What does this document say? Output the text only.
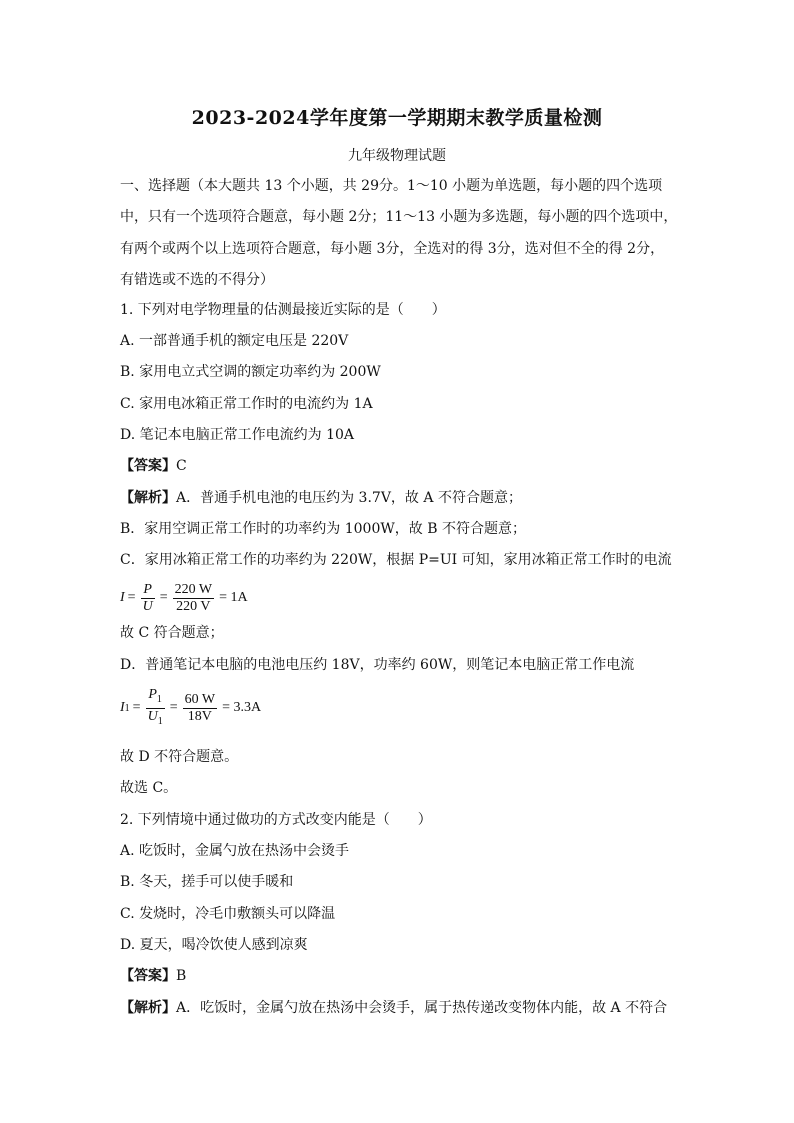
2023-2024学年度第一学期期末教学质量检测
九年级物理试题
一、选择题（本大题共 13 个小题，共 29分。1～10 小题为单选题，每小题的四个选项
中，只有一个选项符合题意，每小题 2分；11～13 小题为多选题，每小题的四个选项中，
有两个或两个以上选项符合题意，每小题 3分，全选对的得 3分，选对但不全的得 2分，
有错选或不选的不得分）
1. 下列对电学物理量的估测最接近实际的是（　　）
A. 一部普通手机的额定电压是 220V
B. 家用电立式空调的额定功率约为 200W
C. 家用电冰箱正常工作时的电流约为 1A
D. 笔记本电脑正常工作电流约为 10A
【答案】C
【解析】A．普通手机电池的电压约为 3.7V，故 A 不符合题意；
B．家用空调正常工作时的功率约为 1000W，故 B 不符合题意；
C．家用冰箱正常工作的功率约为 220W，根据 P=UI 可知，家用冰箱正常工作时的电流
$I = \frac{P}{U} = \frac{220 W}{220 V} = 1A$
故 C 符合题意；
D．普通笔记本电脑的电池电压约 18V，功率约 60W，则笔记本电脑正常工作电流
I $1 = \frac{P_1}{U_1} = \frac{60 W}{18V} = 3.3A$
故 D 不符合题意。
故选 C。
2. 下列情境中通过做功的方式改变内能是（　　）
A. 吃饭时，金属勺放在热汤中会烫手
B. 冬天，搓手可以使手暖和
C. 发烧时，冷毛巾敷额头可以降温
D. 夏天，喝冷饮使人感到凉爽
【答案】B
【解析】A．吃饭时，金属勺放在热汤中会烫手，属于热传递改变物体内能，故 A 不符合
